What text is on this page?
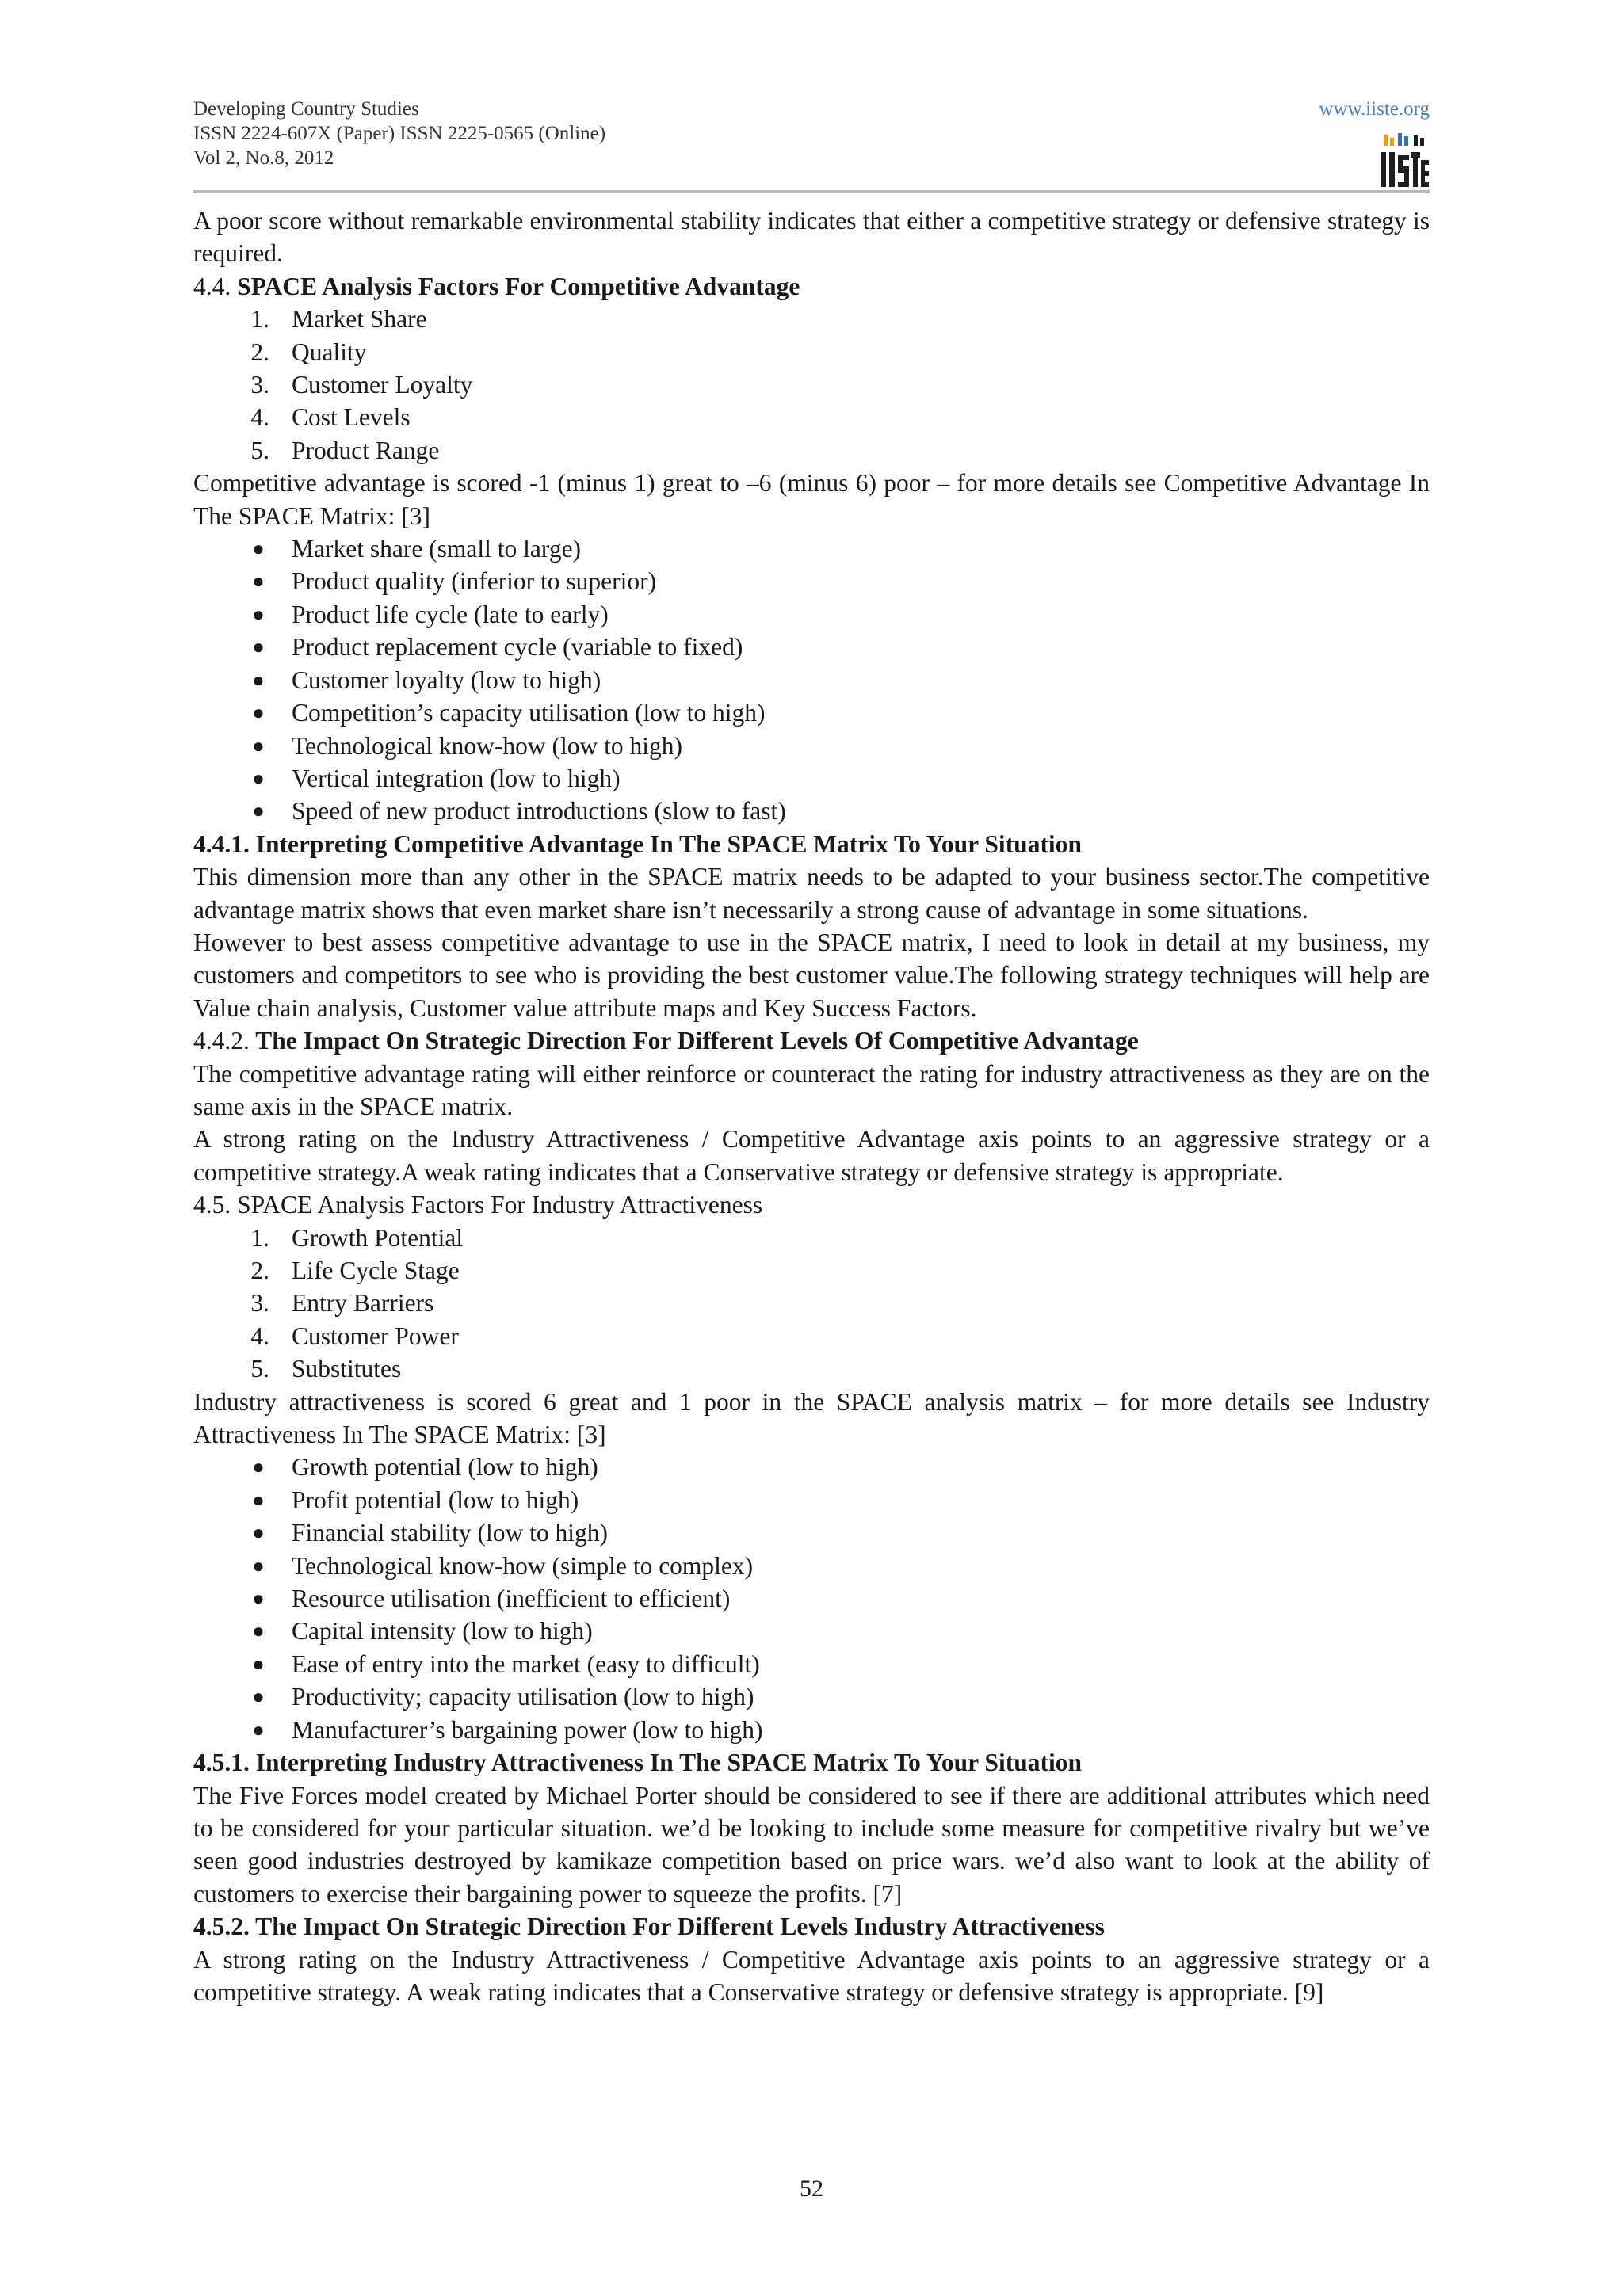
Developing Country Studies
ISSN 2224-607X (Paper) ISSN 2225-0565 (Online)
Vol 2, No.8, 2012
www.iiste.org

A poor score without remarkable environmental stability indicates that either a competitive strategy or defensive strategy is required.

4.4. SPACE Analysis Factors For Competitive Advantage

1. Market Share
2. Quality
3. Customer Loyalty
4. Cost Levels
5. Product Range

Competitive advantage is scored -1 (minus 1) great to –6 (minus 6) poor – for more details see Competitive Advantage In The SPACE Matrix: [3]

● Market share (small to large)
● Product quality (inferior to superior)
● Product life cycle (late to early)
● Product replacement cycle (variable to fixed)
● Customer loyalty (low to high)
● Competition’s capacity utilisation (low to high)
● Technological know-how (low to high)
● Vertical integration (low to high)
● Speed of new product introductions (slow to fast)

4.4.1. Interpreting Competitive Advantage In The SPACE Matrix To Your Situation

This dimension more than any other in the SPACE matrix needs to be adapted to your business sector.The competitive advantage matrix shows that even market share isn’t necessarily a strong cause of advantage in some situations.

However to best assess competitive advantage to use in the SPACE matrix, I need to look in detail at my business, my customers and competitors to see who is providing the best customer value.The following strategy techniques will help are Value chain analysis, Customer value attribute maps and Key Success Factors.

4.4.2. The Impact On Strategic Direction For Different Levels Of Competitive Advantage

The competitive advantage rating will either reinforce or counteract the rating for industry attractiveness as they are on the same axis in the SPACE matrix.

A strong rating on the Industry Attractiveness / Competitive Advantage axis points to an aggressive strategy or a competitive strategy.A weak rating indicates that a Conservative strategy or defensive strategy is appropriate.

4.5. SPACE Analysis Factors For Industry Attractiveness

1. Growth Potential
2. Life Cycle Stage
3. Entry Barriers
4. Customer Power
5. Substitutes

Industry attractiveness is scored 6 great and 1 poor in the SPACE analysis matrix – for more details see Industry Attractiveness In The SPACE Matrix: [3]

● Growth potential (low to high)
● Profit potential (low to high)
● Financial stability (low to high)
● Technological know-how (simple to complex)
● Resource utilisation (inefficient to efficient)
● Capital intensity (low to high)
● Ease of entry into the market (easy to difficult)
● Productivity; capacity utilisation (low to high)
● Manufacturer’s bargaining power (low to high)

4.5.1. Interpreting Industry Attractiveness In The SPACE Matrix To Your Situation

The Five Forces model created by Michael Porter should be considered to see if there are additional attributes which need to be considered for your particular situation. we’d be looking to include some measure for competitive rivalry but we’ve seen good industries destroyed by kamikaze competition based on price wars. we’d also want to look at the ability of customers to exercise their bargaining power to squeeze the profits. [7]

4.5.2. The Impact On Strategic Direction For Different Levels Industry Attractiveness

A strong rating on the Industry Attractiveness / Competitive Advantage axis points to an aggressive strategy or a competitive strategy. A weak rating indicates that a Conservative strategy or defensive strategy is appropriate. [9]

52
